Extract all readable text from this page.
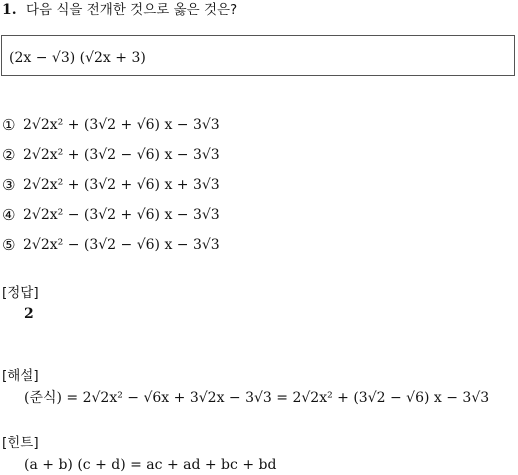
1. 다음 식을 전개한 것으로 옳은 것은?
(2x − √3) (√2x + 3)
① 2√2x² + (3√2 + √6) x − 3√3
② 2√2x² + (3√2 − √6) x − 3√3
③ 2√2x² + (3√2 + √6) x + 3√3
④ 2√2x² − (3√2 + √6) x − 3√3
⑤ 2√2x² − (3√2 − √6) x − 3√3
[정답]
2
[해설]
(준식) = 2√2x² − √6x + 3√2x − 3√3 = 2√2x² + (3√2 − √6) x − 3√3
[힌트]
(a + b) (c + d) = ac + ad + bc + bd
